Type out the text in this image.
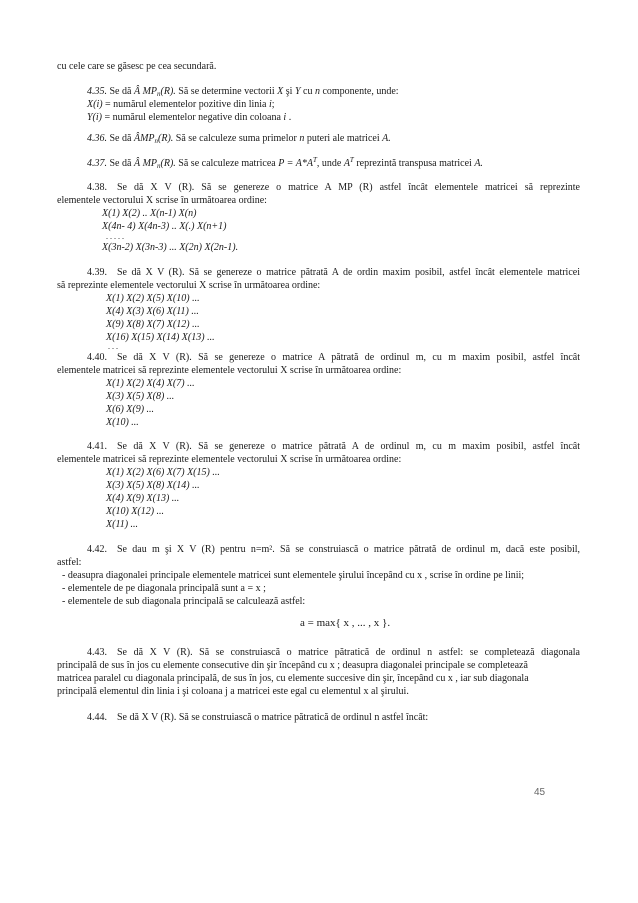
cu cele care se găsesc pe cea secundară.
4.35. Se dă Â $MP_n(R)$. Să se determine vectorii X şi Y cu n componente, unde:
X(i) = numărul elementelor pozitive din linia i;
Y(i) = numărul elementelor negative din coloana i .
4.36. Se dă $ÂMP_n(R)$. Să se calculeze suma primelor n puteri ale matricei A.
4.37. Se dă Â $MP_n(R)$. Să se calculeze matricea $P = A*A^T$, unde $A^T$ reprezintă transpusa matricei A.
4.38. Se dă X V (R). Să se genereze o matrice A MP (R) astfel încât elementele matricei să reprezinte
elementele vectorului X scrise în următoarea ordine:
X(1) X(2) .. X(n-1) X(n)
X(4n- 4) X(4n-3) .. X(.) X(n+1)
. . . . .
X(3n-2) X(3n-3) ... X(2n) X(2n-1).
4.39. Se dă X V (R). Să se genereze o matrice pătrată A de ordin maxim posibil, astfel încât elementele matricei
să reprezinte elementele vectorului X scrise în următoarea ordine:
X(1) X(2) X(5) X(10) ...
X(4) X(3) X(6) X(11) ...
X(9) X(8) X(7) X(12) ...
X(16) X(15) X(14) X(13) ...
. . .
4.40. Se dă X V (R). Să se genereze o matrice A pătrată de ordinul m, cu m maxim posibil, astfel încât
elementele matricei să reprezinte elementele vectorului X scrise în următoarea ordine:
X(1) X(2) X(4) X(7) ...
X(3) X(5) X(8) ...
X(6) X(9) ...
X(10) ...
4.41. Se dă X V (R). Să se genereze o matrice pătrată A de ordinul m, cu m maxim posibil, astfel încât
elementele matricei să reprezinte elementele vectorului X scrise în următoarea ordine:
X(1) X(2) X(6) X(7) X(15) ...
X(3) X(5) X(8) X(14) ...
X(4) X(9) X(13) ...
X(10) X(12) ...
X(11) ...
4.42. Se dau m şi X V (R) pentru n=m². Să se construiască o matrice pătrată de ordinul m, dacă este posibil,
astfel:
- deasupra diagonalei principale elementele matricei sunt elementele şirului începând cu x , scrise în ordine pe linii;
- elementele de pe diagonala principală sunt a = x ;
- elementele de sub diagonala principală se calculează astfel:
a = max{ x , ... , x }.
4.43. Se dă X V (R). Să se construiască o matrice pătratică de ordinul n astfel: se completează diagonala
principală de sus în jos cu elemente consecutive din şir începând cu x ; deasupra diagonalei principale se completează
matricea paralel cu diagonala principală, de sus în jos, cu elemente succesive din şir, începând cu x , iar sub diagonala
principală elementul din linia i şi coloana j a matricei este egal cu elementul x al şirului.
4.44. Se dă X V (R). Să se construiască o matrice pătratică de ordinul n astfel încât:
45
